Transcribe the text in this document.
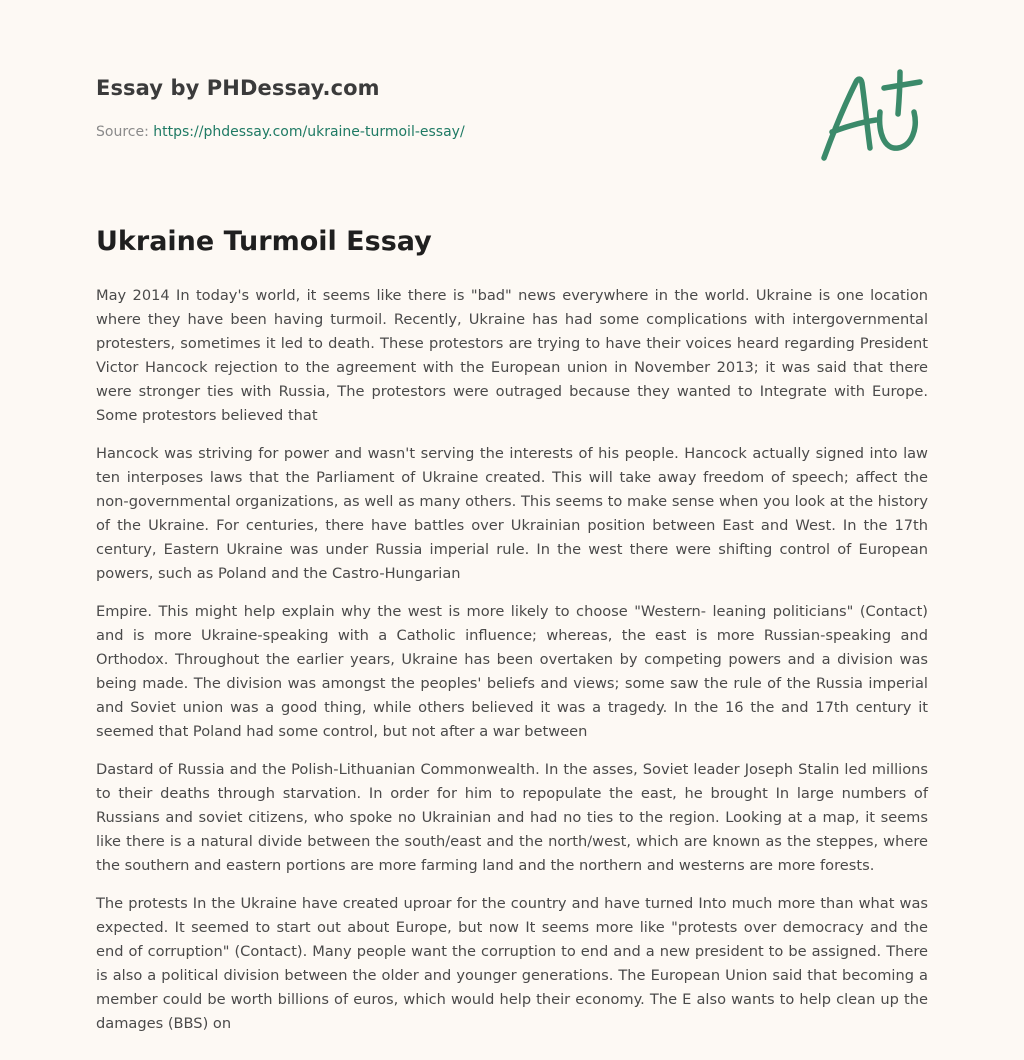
Essay by PHDessay.com
Source: https://phdessay.com/ukraine-turmoil-essay/
Ukraine Turmoil Essay

May 2014 In today's world, it seems like there is "bad" news everywhere in the world. Ukraine is one location where they have been having turmoil. Recently, Ukraine has had some complications with intergovernmental protesters, sometimes it led to death. These protestors are trying to have their voices heard regarding President Victor Hancock rejection to the agreement with the European union in November 2013; it was said that there were stronger ties with Russia, The protestors were outraged because they wanted to Integrate with Europe. Some protestors believed that

Hancock was striving for power and wasn't serving the interests of his people. Hancock actually signed into law ten interposes laws that the Parliament of Ukraine created. This will take away freedom of speech; affect the non-governmental organizations, as well as many others. This seems to make sense when you look at the history of the Ukraine. For centuries, there have battles over Ukrainian position between East and West. In the 17th century, Eastern Ukraine was under Russia imperial rule. In the west there were shifting control of European powers, such as Poland and the Castro-Hungarian

Empire. This might help explain why the west is more likely to choose "Western- leaning politicians" (Contact) and is more Ukraine-speaking with a Catholic influence; whereas, the east is more Russian-speaking and Orthodox. Throughout the earlier years, Ukraine has been overtaken by competing powers and a division was being made. The division was amongst the peoples' beliefs and views; some saw the rule of the Russia imperial and Soviet union was a good thing, while others believed it was a tragedy. In the 16 the and 17th century it seemed that Poland had some control, but not after a war between

Dastard of Russia and the Polish-Lithuanian Commonwealth. In the asses, Soviet leader Joseph Stalin led millions to their deaths through starvation. In order for him to repopulate the east, he brought In large numbers of Russians and soviet citizens, who spoke no Ukrainian and had no ties to the region. Looking at a map, it seems like there is a natural divide between the south/east and the north/west, which are known as the steppes, where the southern and eastern portions are more farming land and the northern and westerns are more forests.

The protests In the Ukraine have created uproar for the country and have turned Into much more than what was expected. It seemed to start out about Europe, but now It seems more like "protests over democracy and the end of corruption" (Contact). Many people want the corruption to end and a new president to be assigned. There is also a political division between the older and younger generations. The European Union said that becoming a member could be worth billions of euros, which would help their economy. The E also wants to help clean up the damages (BBS) on
